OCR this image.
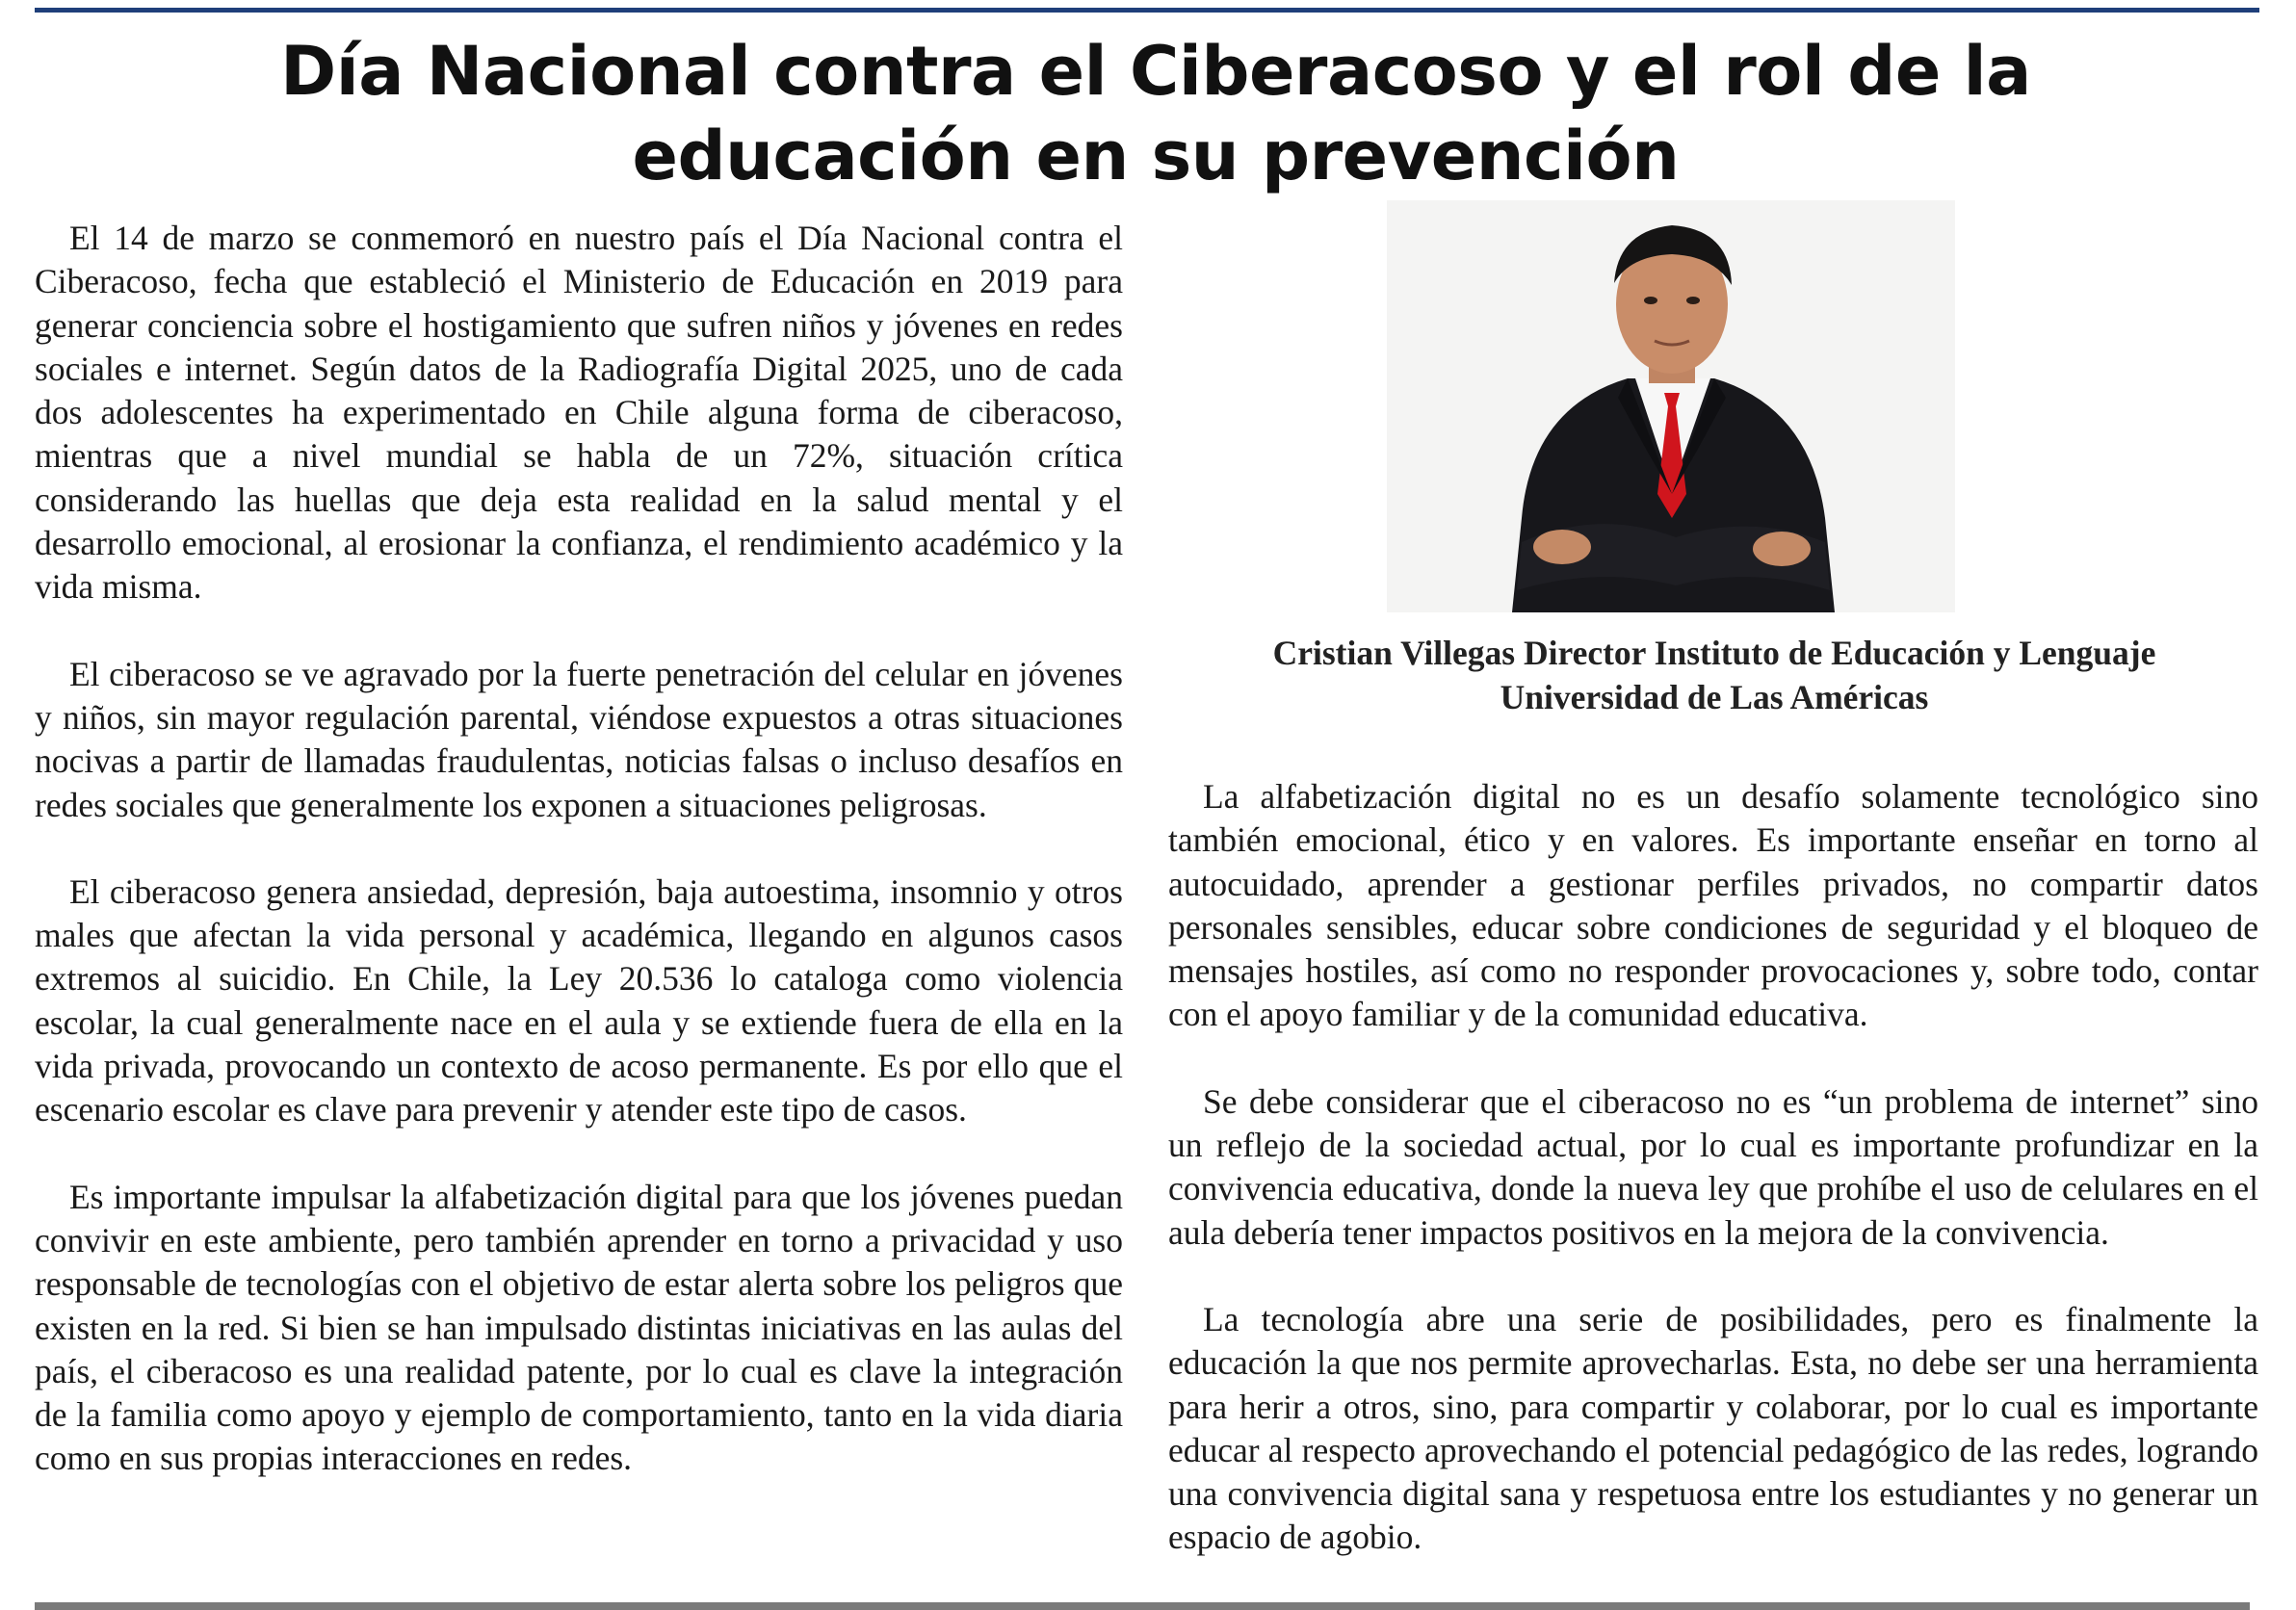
Día Nacional contra el Ciberacoso y el rol de la educación en su prevención

El 14 de marzo se conmemoró en nuestro país el Día Nacional contra el Ciberacoso, fecha que estableció el Ministerio de Educación en 2019 para generar conciencia sobre el hostigamiento que sufren niños y jóvenes en redes sociales e internet. Según datos de la Radiografía Digital 2025, uno de cada dos adolescentes ha experimentado en Chile alguna forma de ciberacoso, mientras que a nivel mundial se habla de un 72%, situación crítica considerando las huellas que deja esta realidad en la salud mental y el desarrollo emocional, al erosionar la confianza, el rendimiento académico y la vida misma.

El ciberacoso se ve agravado por la fuerte penetración del celular en jóvenes y niños, sin mayor regulación parental, viéndose expuestos a otras situaciones nocivas a partir de llamadas fraudulentas, noticias falsas o incluso desafíos en redes sociales que generalmente los exponen a situaciones peligrosas.

El ciberacoso genera ansiedad, depresión, baja autoestima, insomnio y otros males que afectan la vida personal y académica, llegando en algunos casos extremos al suicidio. En Chile, la Ley 20.536 lo cataloga como violencia escolar, la cual generalmente nace en el aula y se extiende fuera de ella en la vida privada, provocando un contexto de acoso permanente. Es por ello que el escenario escolar es clave para prevenir y atender este tipo de casos.

Es importante impulsar la alfabetización digital para que los jóvenes puedan convivir en este ambiente, pero también aprender en torno a privacidad y uso responsable de tecnologías con el objetivo de estar alerta sobre los peligros que existen en la red. Si bien se han impulsado distintas iniciativas en las aulas del país, el ciberacoso es una realidad patente, por lo cual es clave la integración de la familia como apoyo y ejemplo de comportamiento, tanto en la vida diaria como en sus propias interacciones en redes.

Cristian Villegas Director Instituto de Educación y Lenguaje Universidad de Las Américas

La alfabetización digital no es un desafío solamente tecnológico sino también emocional, ético y en valores. Es importante enseñar en torno al autocuidado, aprender a gestionar perfiles privados, no compartir datos personales sensibles, educar sobre condiciones de seguridad y el bloqueo de mensajes hostiles, así como no responder provocaciones y, sobre todo, contar con el apoyo familiar y de la comunidad educativa.

Se debe considerar que el ciberacoso no es “un problema de internet” sino un reflejo de la sociedad actual, por lo cual es importante profundizar en la convivencia educativa, donde la nueva ley que prohíbe el uso de celulares en el aula debería tener impactos positivos en la mejora de la convivencia.

La tecnología abre una serie de posibilidades, pero es finalmente la educación la que nos permite aprovecharlas. Esta, no debe ser una herramienta para herir a otros, sino, para compartir y colaborar, por lo cual es importante educar al respecto aprovechando el potencial pedagógico de las redes, logrando una convivencia digital sana y respetuosa entre los estudiantes y no generar un espacio de agobio.
